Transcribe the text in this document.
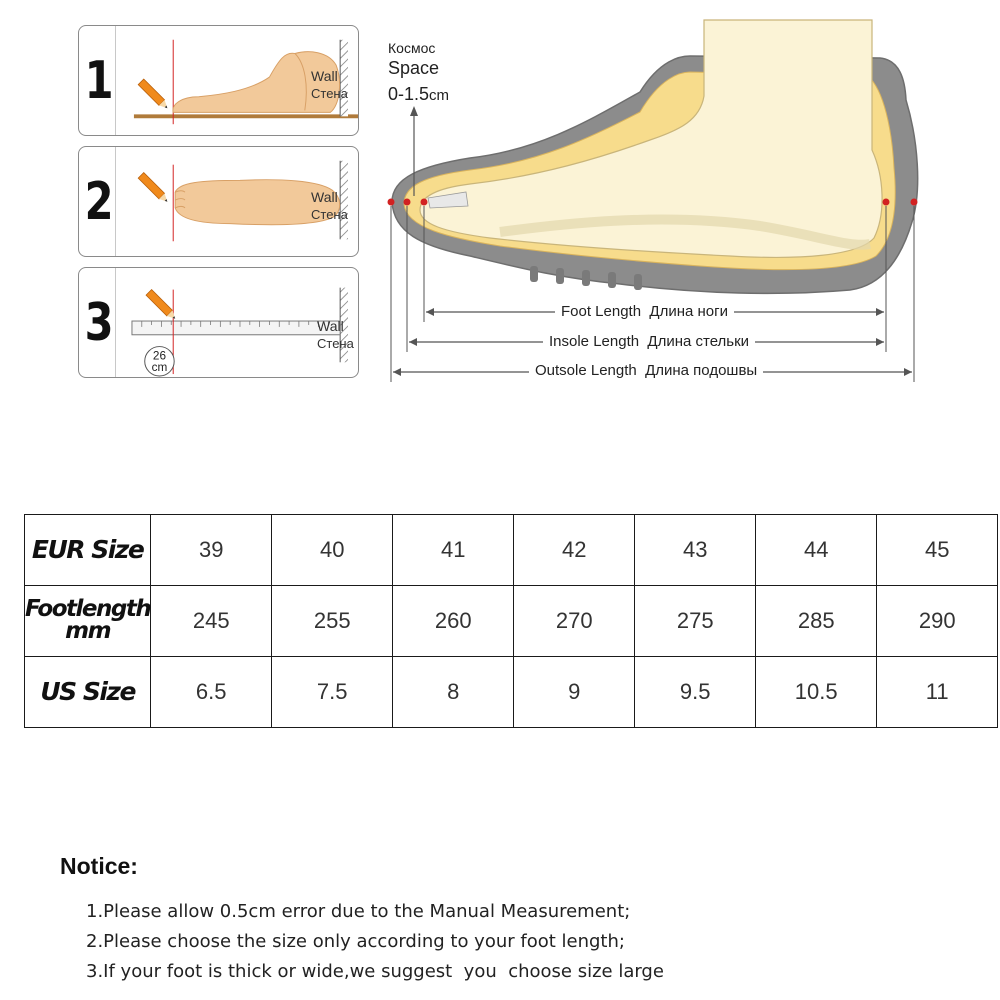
1	Wall
Стена
2	Wall
Стена
3
26
cm
Wall
Стена
Космос
Space
0-1.5cm
Foot Length Длина ноги
Insole Length Длина стельки
Outsole Length Длина подошвы
EUR Size	39	40	41	42	43	44	45
Footlength mm	245	255	260	270	275	285	290
US Size	6.5	7.5	8	9	9.5	10.5	11
Notice:
1.Please allow 0.5cm error due to the Manual Measurement;
2.Please choose the size only according to your foot length;
3.If your foot is thick or wide,we suggest  you  choose size large
